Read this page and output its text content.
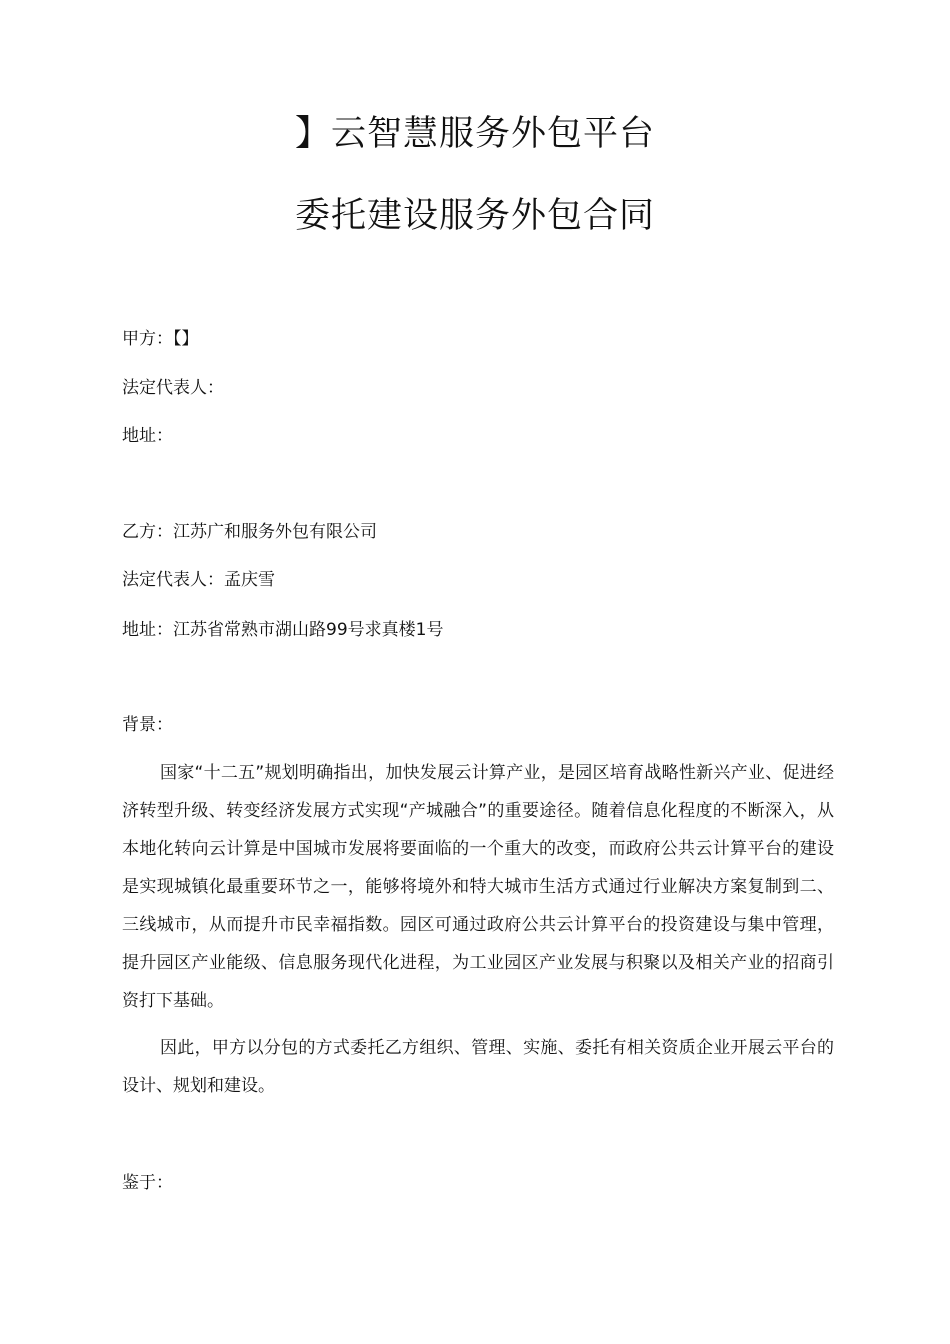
】云智慧服务外包平台
委托建设服务外包合同
甲方：【】
法定代表人：
地址：
乙方：江苏广和服务外包有限公司
法定代表人：孟庆雪
地址：江苏省常熟市湖山路99号求真楼1号
背景：
国家“十二五”规划明确指出，加快发展云计算产业，是园区培育战略性新兴产业、促进经济转型升级、转变经济发展方式实现“产城融合”的重要途径。随着信息化程度的不断深入，从本地化转向云计算是中国城市发展将要面临的一个重大的改变，而政府公共云计算平台的建设是实现城镇化最重要环节之一，能够将境外和特大城市生活方式通过行业解决方案复制到二、三线城市，从而提升市民幸福指数。园区可通过政府公共云计算平台的投资建设与集中管理，提升园区产业能级、信息服务现代化进程，为工业园区产业发展与积聚以及相关产业的招商引资打下基础。
因此，甲方以分包的方式委托乙方组织、管理、实施、委托有相关资质企业开展云平台的设计、规划和建设。
鉴于：
